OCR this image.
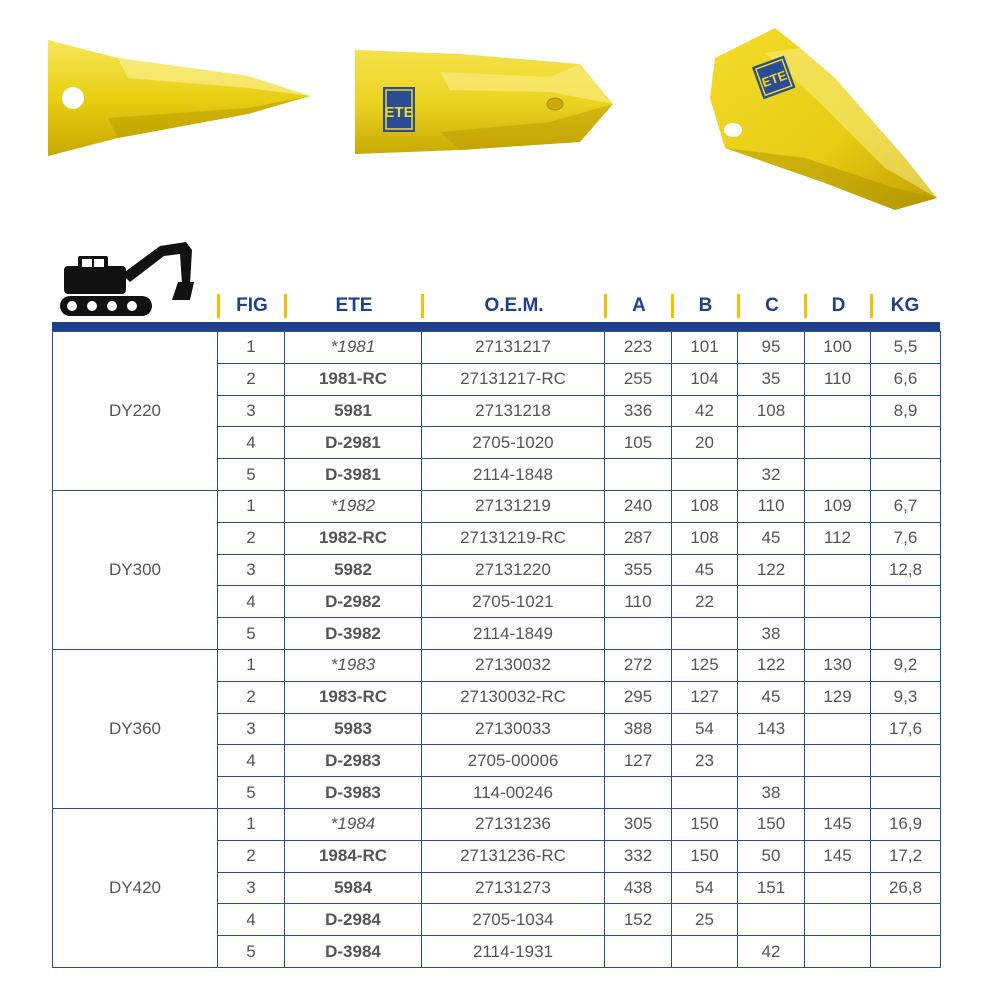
ETE
ETE
FIG	ETE	O.E.M.	A	B	C	D	KG
DY220	1	*1981	27131217	223	101	95	100	5,5
	2	1981-RC	27131217-RC	255	104	35	110	6,6
	3	5981	27131218	336	42	108		8,9
	4	D-2981	2705-1020	105	20			
	5	D-3981	2114-1848			32		
DY300	1	*1982	27131219	240	108	110	109	6,7
	2	1982-RC	27131219-RC	287	108	45	112	7,6
	3	5982	27131220	355	45	122		12,8
	4	D-2982	2705-1021	110	22			
	5	D-3982	2114-1849			38		
DY360	1	*1983	27130032	272	125	122	130	9,2
	2	1983-RC	27130032-RC	295	127	45	129	9,3
	3	5983	27130033	388	54	143		17,6
	4	D-2983	2705-00006	127	23			
	5	D-3983	114-00246			38		
DY420	1	*1984	27131236	305	150	150	145	16,9
	2	1984-RC	27131236-RC	332	150	50	145	17,2
	3	5984	27131273	438	54	151		26,8
	4	D-2984	2705-1034	152	25			
	5	D-3984	2114-1931			42		
